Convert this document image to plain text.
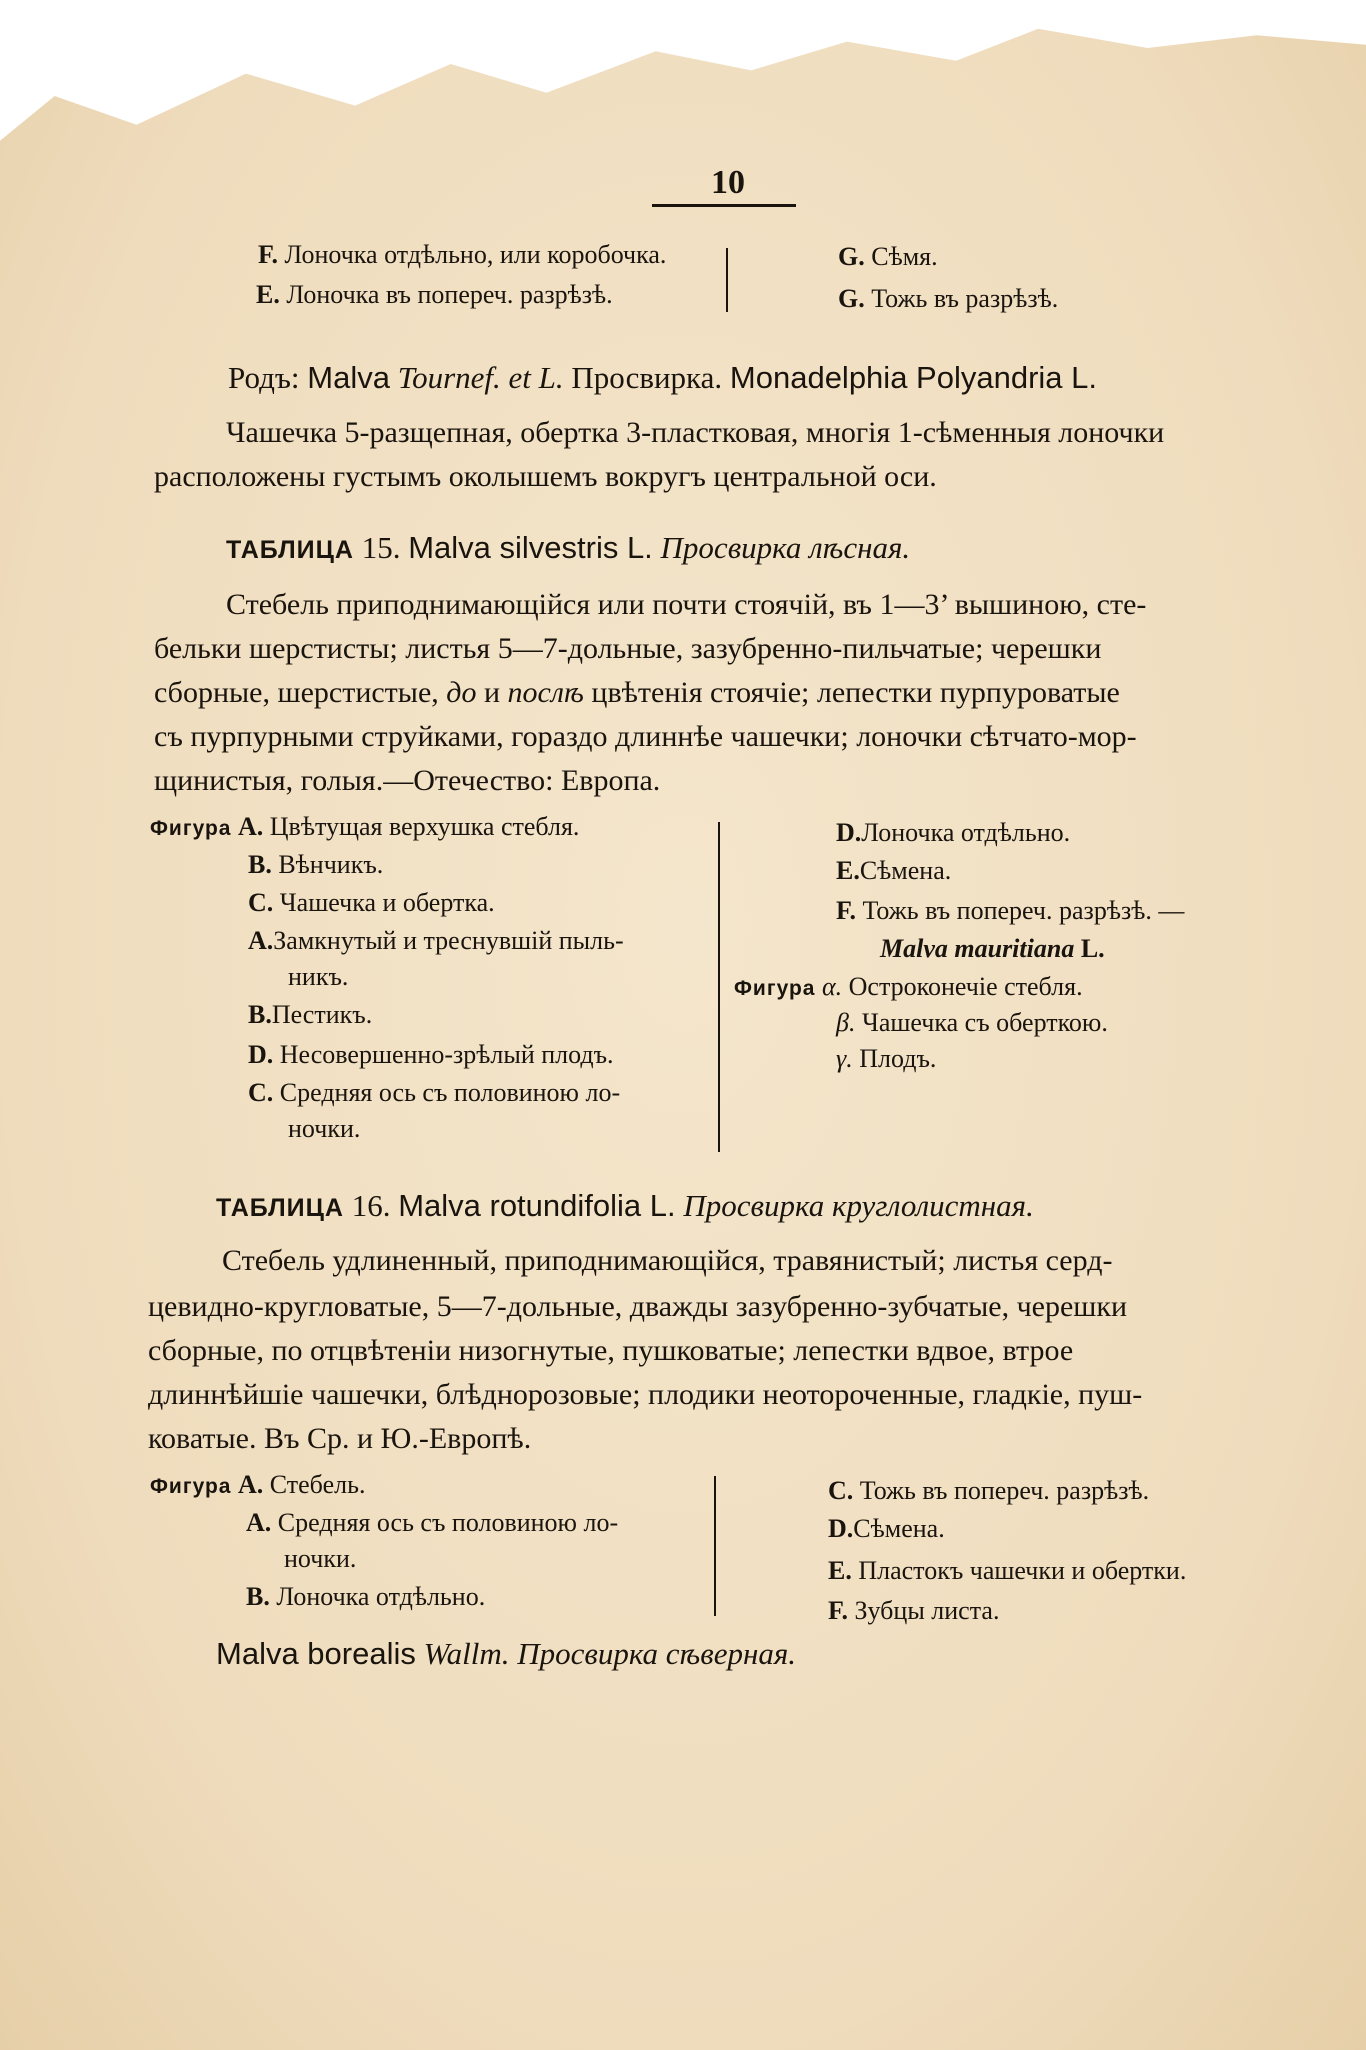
10
F. Лоночка отдѣльно, или коробочка.
E. Лоночка въ попереч. разрѣзѣ.
G. Сѣмя.
G. Тожь въ разрѣзѣ.
Родъ: Malva Tournef. et L. Просвирка. Monadelphia Polyandria L.
Чашечка 5-разщепная, обертка 3-пластковая, многія 1-сѣменныя лоночки
расположены густымъ околышемъ вокругъ центральной оси.
ТАБЛИЦА 15. Malva silvestris L. Просвирка лѣсная.
Стебель приподнимающійся или почти стоячій, въ 1—3’ вышиною, сте-
бельки шерстисты; листья 5—7-дольные, зазубренно-пильчатые; черешки
сборные, шерстистые, до и послѣ цвѣтенія стоячіе; лепестки пурпуроватые
съ пурпурными струйками, гораздо длиннѣе чашечки; лоночки сѣтчато-мор-
щинистыя, голыя.—Отечество: Европа.
Фигура A. Цвѣтущая верхушка стебля.
B. Вѣнчикъ.
C. Чашечка и обертка.
A.Замкнутый и треснувшій пыль-
никъ.
B.Пестикъ.
D. Несовершенно-зрѣлый плодъ.
C. Средняя ось съ половиною ло-
ночки.
D.Лоночка отдѣльно.
E.Сѣмена.
F. Тожь въ попереч. разрѣзѣ. —
Malva mauritiana L.
Фигура α. Остроконечіе стебля.
β. Чашечка съ оберткою.
γ. Плодъ.
ТАБЛИЦА 16. Malva rotundifolia L. Просвирка круглолистная.
Стебель удлиненный, приподнимающійся, травянистый; листья серд-
цевидно-кругловатые, 5—7-дольные, дважды зазубренно-зубчатые, черешки
сборные, по отцвѣтеніи низогнутые, пушковатые; лепестки вдвое, втрое
длиннѣйшіе чашечки, блѣднорозовые; плодики неотороченные, гладкіе, пуш-
коватые. Въ Ср. и Ю.-Европѣ.
Фигура A. Стебель.
A. Средняя ось съ половиною ло-
ночки.
B. Лоночка отдѣльно.
C. Тожь въ попереч. разрѣзѣ.
D.Сѣмена.
E. Пластокъ чашечки и обертки.
F. Зубцы листа.
Malva borealis Wallm. Просвирка сѣверная.
